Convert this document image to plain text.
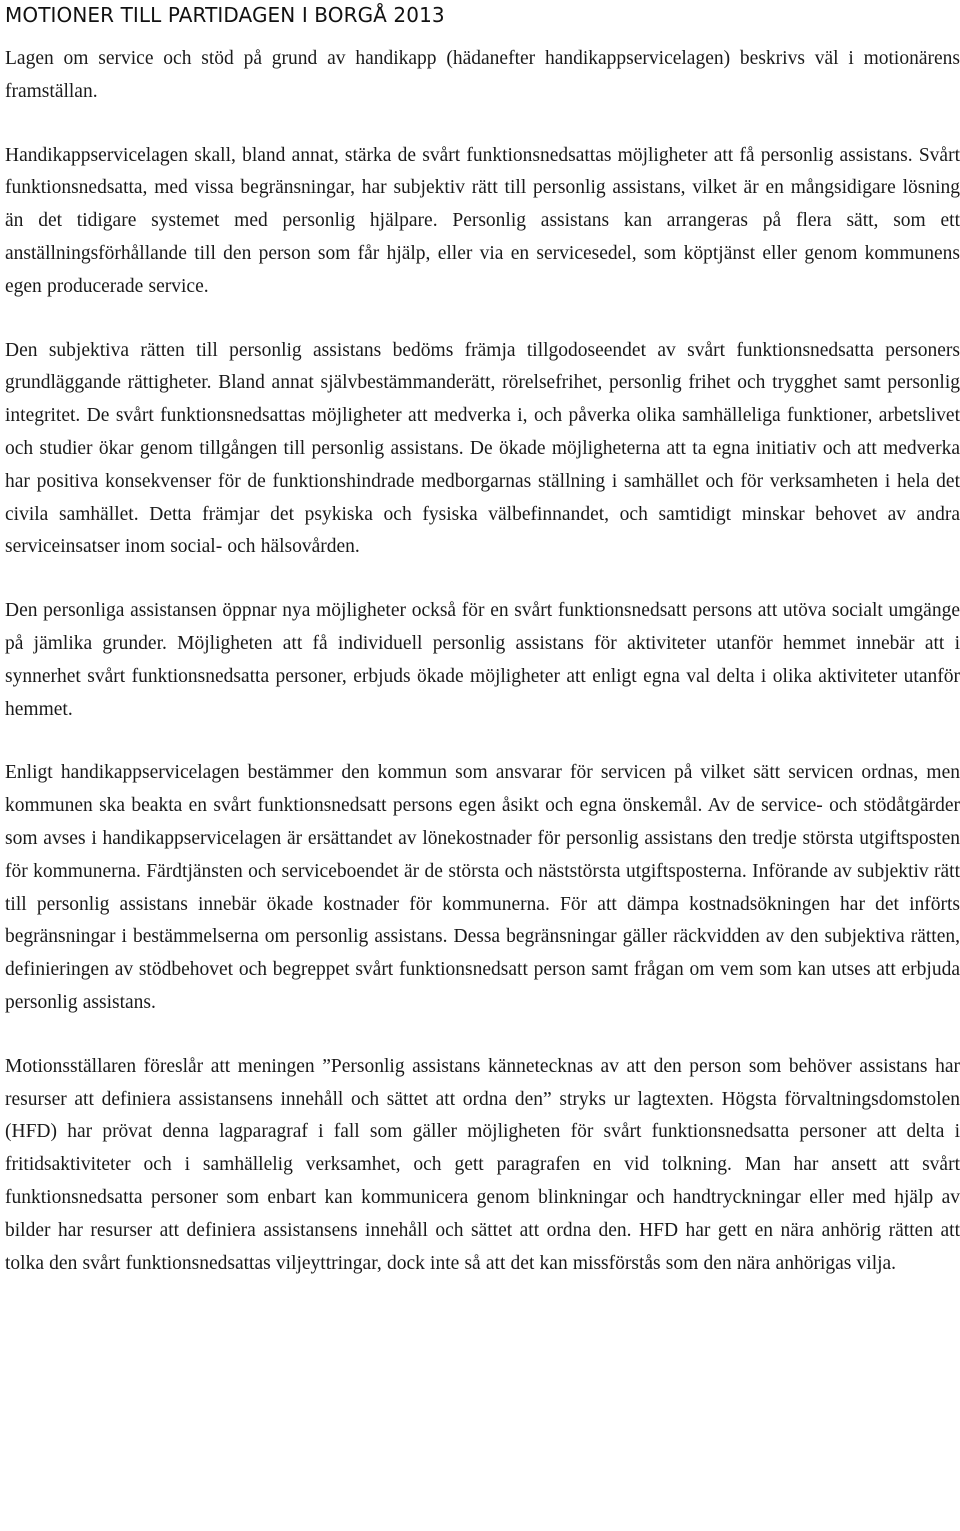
MOTIONER TILL PARTIDAGEN I BORGÅ 2013

Lagen om service och stöd på grund av handikapp (hädanefter handikappservicelagen) beskrivs väl i motionärens framställan.

Handikappservicelagen skall, bland annat, stärka de svårt funktionsnedsattas möjligheter att få personlig assistans. Svårt funktionsnedsatta, med vissa begränsningar, har subjektiv rätt till personlig assistans, vilket är en mångsidigare lösning än det tidigare systemet med personlig hjälpare. Personlig assistans kan arrangeras på flera sätt, som ett anställningsförhållande till den person som får hjälp, eller via en servicesedel, som köptjänst eller genom kommunens egen producerade service.

Den subjektiva rätten till personlig assistans bedöms främja tillgodoseendet av svårt funktionsnedsatta personers grundläggande rättigheter. Bland annat självbestämmanderätt, rörelsefrihet, personlig frihet och trygghet samt personlig integritet. De svårt funktionsnedsattas möjligheter att medverka i, och påverka olika samhälleliga funktioner, arbetslivet och studier ökar genom tillgången till personlig assistans. De ökade möjligheterna att ta egna initiativ och att medverka har positiva konsekvenser för de funktionshindrade medborgarnas ställning i samhället och för verksamheten i hela det civila samhället. Detta främjar det psykiska och fysiska välbefinnandet, och samtidigt minskar behovet av andra serviceinsatser inom social- och hälsovården.

Den personliga assistansen öppnar nya möjligheter också för en svårt funktionsnedsatt persons att utöva socialt umgänge på jämlika grunder. Möjligheten att få individuell personlig assistans för aktiviteter utanför hemmet innebär att i synnerhet svårt funktionsnedsatta personer, erbjuds ökade möjligheter att enligt egna val delta i olika aktiviteter utanför hemmet.

Enligt handikappservicelagen bestämmer den kommun som ansvarar för servicen på vilket sätt servicen ordnas, men kommunen ska beakta en svårt funktionsnedsatt persons egen åsikt och egna önskemål. Av de service- och stödåtgärder som avses i handikappservicelagen är ersättandet av lönekostnader för personlig assistans den tredje största utgiftsposten för kommunerna. Färdtjänsten och serviceboendet är de största och näststörsta utgiftsposterna. Införande av subjektiv rätt till personlig assistans innebär ökade kostnader för kommunerna. För att dämpa kostnadsökningen har det införts begränsningar i bestämmelserna om personlig assistans. Dessa begränsningar gäller räckvidden av den subjektiva rätten, definieringen av stödbehovet och begreppet svårt funktionsnedsatt person samt frågan om vem som kan utses att erbjuda personlig assistans.

Motionsställaren föreslår att meningen ”Personlig assistans kännetecknas av att den person som behöver assistans har resurser att definiera assistansens innehåll och sättet att ordna den” stryks ur lagtexten. Högsta förvaltningsdomstolen (HFD) har prövat denna lagparagraf i fall som gäller möjligheten för svårt funktionsnedsatta personer att delta i fritidsaktiviteter och i samhällelig verksamhet, och gett paragrafen en vid tolkning. Man har ansett att svårt funktionsnedsatta personer som enbart kan kommunicera genom blinkningar och handtryckningar eller med hjälp av bilder har resurser att definiera assistansens innehåll och sättet att ordna den. HFD har gett en nära anhörig rätten att tolka den svårt funktionsnedsattas viljeyttringar, dock inte så att det kan missförstås som den nära anhörigas vilja.
